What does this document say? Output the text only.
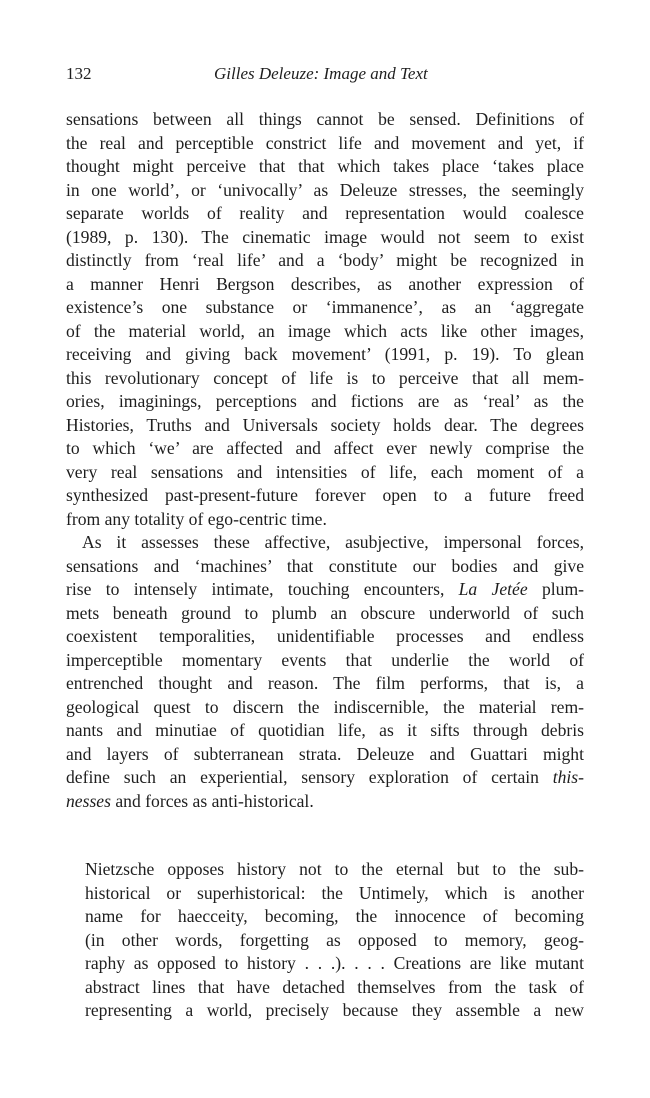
132	Gilles Deleuze: Image and Text
sensations between all things cannot be sensed. Definitions of
the real and perceptible constrict life and movement and yet, if
thought might perceive that that which takes place ‘takes place
in one world’, or ‘univocally’ as Deleuze stresses, the seemingly
separate worlds of reality and representation would coalesce
(1989, p. 130). The cinematic image would not seem to exist
distinctly from ‘real life’ and a ‘body’ might be recognized in
a manner Henri Bergson describes, as another expression of
existence’s one substance or ‘immanence’, as an ‘aggregate
of the material world, an image which acts like other images,
receiving and giving back movement’ (1991, p. 19). To glean
this revolutionary concept of life is to perceive that all mem-
ories, imaginings, perceptions and fictions are as ‘real’ as the
Histories, Truths and Universals society holds dear. The degrees
to which ‘we’ are affected and affect ever newly comprise the
very real sensations and intensities of life, each moment of a
synthesized past-present-future forever open to a future freed
from any totality of ego-centric time.
As it assesses these affective, asubjective, impersonal forces,
sensations and ‘machines’ that constitute our bodies and give
rise to intensely intimate, touching encounters, La Jetée plum-
mets beneath ground to plumb an obscure underworld of such
coexistent temporalities, unidentifiable processes and endless
imperceptible momentary events that underlie the world of
entrenched thought and reason. The film performs, that is, a
geological quest to discern the indiscernible, the material rem-
nants and minutiae of quotidian life, as it sifts through debris
and layers of subterranean strata. Deleuze and Guattari might
define such an experiential, sensory exploration of certain this-
nesses and forces as anti-historical.
Nietzsche opposes history not to the eternal but to the sub-
historical or superhistorical: the Untimely, which is another
name for haecceity, becoming, the innocence of becoming
(in other words, forgetting as opposed to memory, geog-
raphy as opposed to history . . .). . . . Creations are like mutant
abstract lines that have detached themselves from the task of
representing a world, precisely because they assemble a new
